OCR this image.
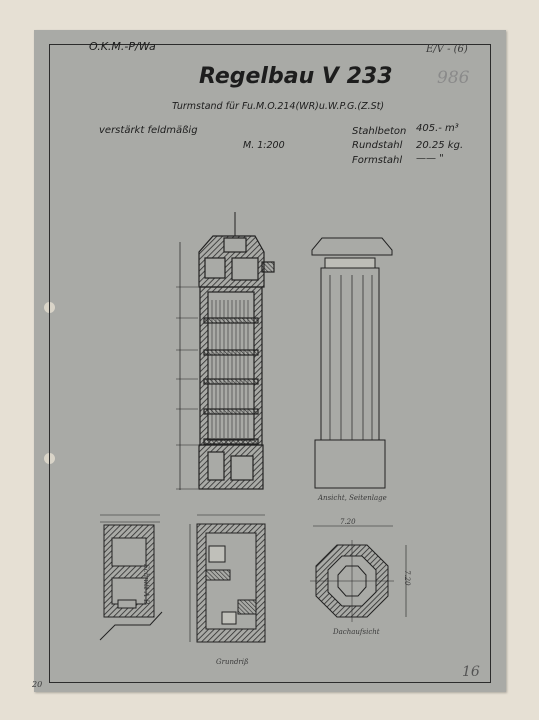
O.K.M.-P/Wa	E/V - (6)
986
Regelbau V 233
Turmstand für Fu.M.O.214(WR)u.W.P.G.(Z.St)
verstärkt feldmäßig
M. 1:200
Stahlbeton 405.- m³
Rundstahl 20.25 kg.
Formstahl —— "
Ansicht, Seitenlage
Schnitt A-B
Grundriß
Dachaufsicht
7.20
7.20
20
16
